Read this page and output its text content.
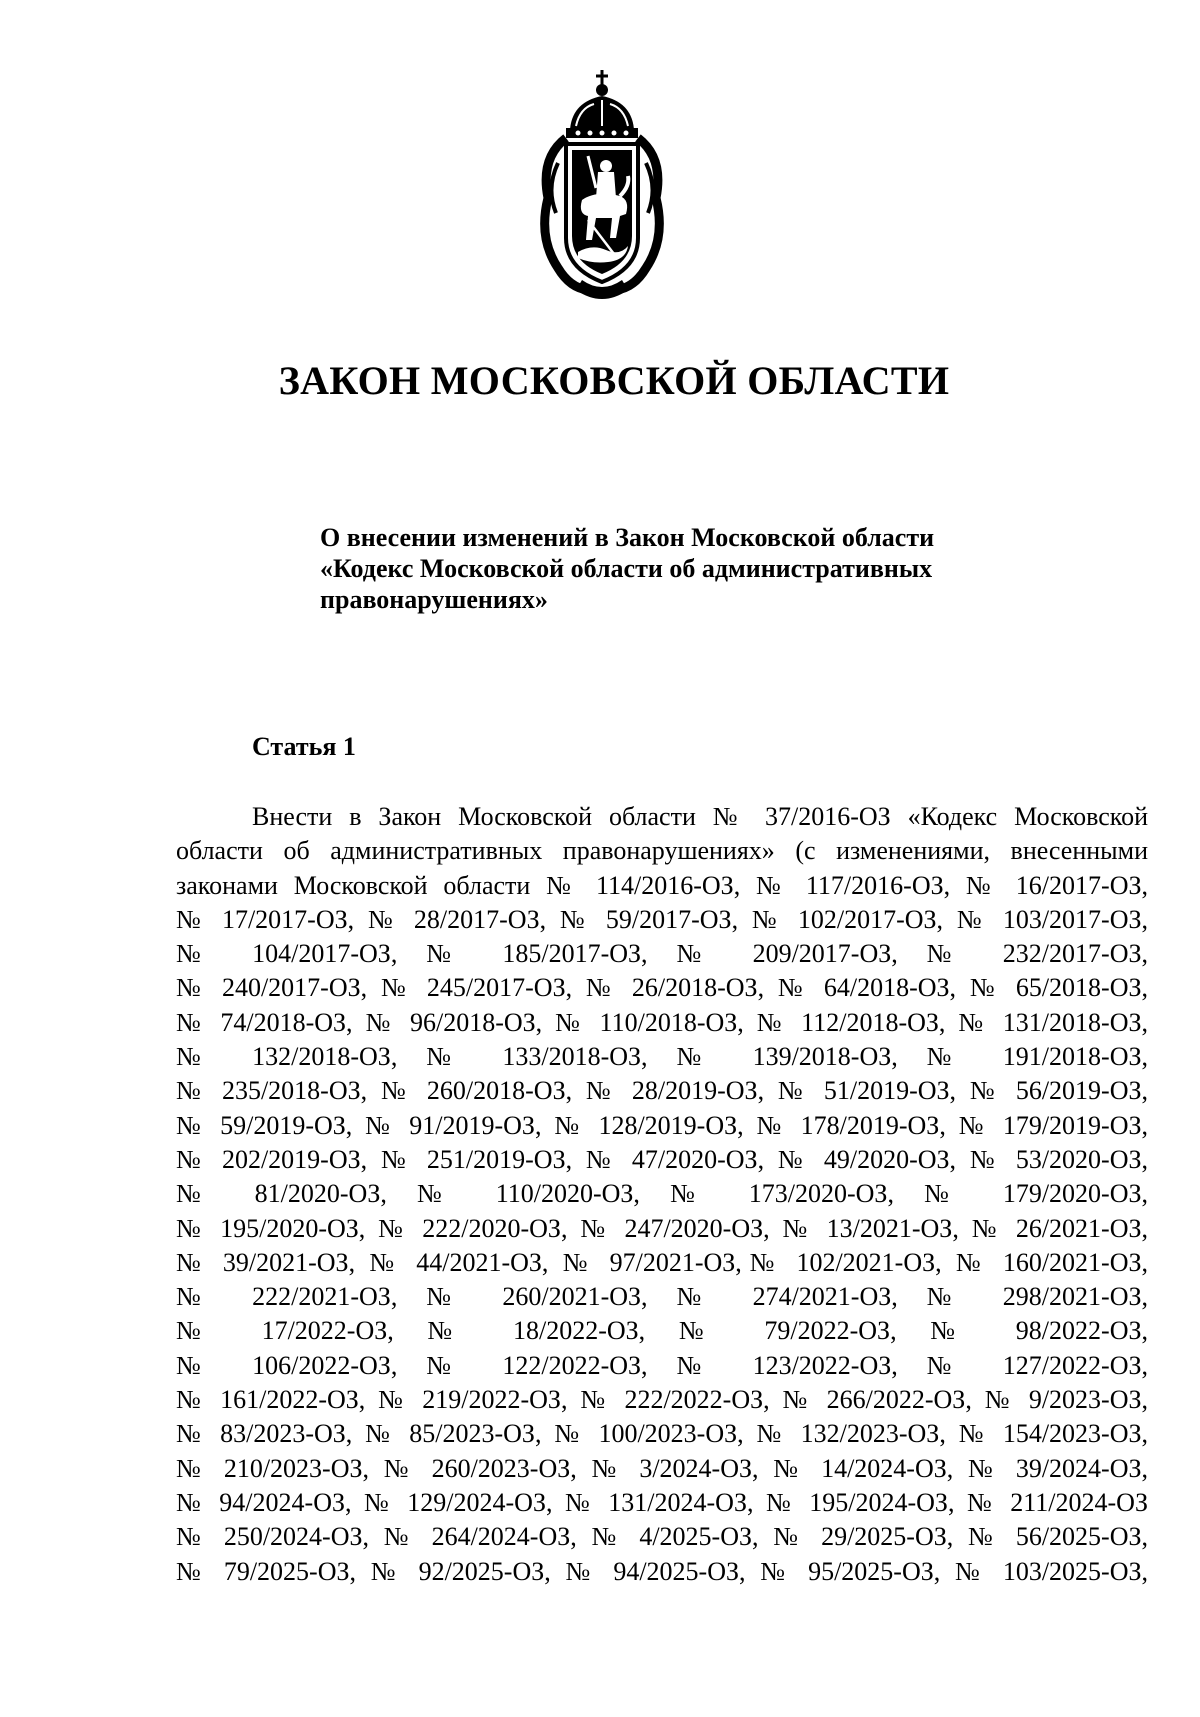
ЗАКОН МОСКОВСКОЙ ОБЛАСТИ
О внесении изменений в Закон Московской области
«Кодекс Московской области об административных
правонарушениях»
Статья 1
Внести в Закон Московской области № 37/2016-ОЗ «Кодекс Московской
области об административных правонарушениях» (с изменениями, внесенными
законами Московской области № 114/2016-ОЗ, № 117/2016-ОЗ, № 16/2017-ОЗ,
№ 17/2017-ОЗ, № 28/2017-ОЗ, № 59/2017-ОЗ, № 102/2017-ОЗ, № 103/2017-ОЗ,
№ 104/2017-ОЗ, № 185/2017-ОЗ, № 209/2017-ОЗ, № 232/2017-ОЗ,
№ 240/2017-ОЗ, № 245/2017-ОЗ, № 26/2018-ОЗ, № 64/2018-ОЗ, № 65/2018-ОЗ,
№ 74/2018-ОЗ, № 96/2018-ОЗ, № 110/2018-ОЗ, № 112/2018-ОЗ, № 131/2018-ОЗ,
№ 132/2018-ОЗ, № 133/2018-ОЗ, № 139/2018-ОЗ, № 191/2018-ОЗ,
№ 235/2018-ОЗ, № 260/2018-ОЗ, № 28/2019-ОЗ, № 51/2019-ОЗ, № 56/2019-ОЗ,
№ 59/2019-ОЗ, № 91/2019-ОЗ, № 128/2019-ОЗ, № 178/2019-ОЗ, № 179/2019-ОЗ,
№ 202/2019-ОЗ, № 251/2019-ОЗ, № 47/2020-ОЗ, № 49/2020-ОЗ, № 53/2020-ОЗ,
№ 81/2020-ОЗ, № 110/2020-ОЗ, № 173/2020-ОЗ, № 179/2020-ОЗ,
№ 195/2020-ОЗ, № 222/2020-ОЗ, № 247/2020-ОЗ, № 13/2021-ОЗ, № 26/2021-ОЗ,
№ 39/2021-ОЗ, № 44/2021-ОЗ, № 97/2021-ОЗ,№ 102/2021-ОЗ, № 160/2021-ОЗ,
№ 222/2021-ОЗ, № 260/2021-ОЗ, № 274/2021-ОЗ, № 298/2021-ОЗ,
№ 17/2022-ОЗ, № 18/2022-ОЗ, № 79/2022-ОЗ, № 98/2022-ОЗ,
№ 106/2022-ОЗ, № 122/2022-ОЗ, № 123/2022-ОЗ, № 127/2022-ОЗ,
№ 161/2022-ОЗ, № 219/2022-ОЗ, № 222/2022-ОЗ, № 266/2022-ОЗ, № 9/2023-ОЗ,
№ 83/2023-ОЗ, № 85/2023-ОЗ, № 100/2023-ОЗ, № 132/2023-ОЗ, № 154/2023-ОЗ,
№ 210/2023-ОЗ, № 260/2023-ОЗ, № 3/2024-ОЗ, № 14/2024-ОЗ, № 39/2024-ОЗ,
№ 94/2024-ОЗ, № 129/2024-ОЗ, № 131/2024-ОЗ, № 195/2024-ОЗ, № 211/2024-ОЗ
№ 250/2024-ОЗ, № 264/2024-ОЗ, № 4/2025-ОЗ, № 29/2025-ОЗ, № 56/2025-ОЗ,
№ 79/2025-ОЗ, № 92/2025-ОЗ, № 94/2025-ОЗ, № 95/2025-ОЗ, № 103/2025-ОЗ,
